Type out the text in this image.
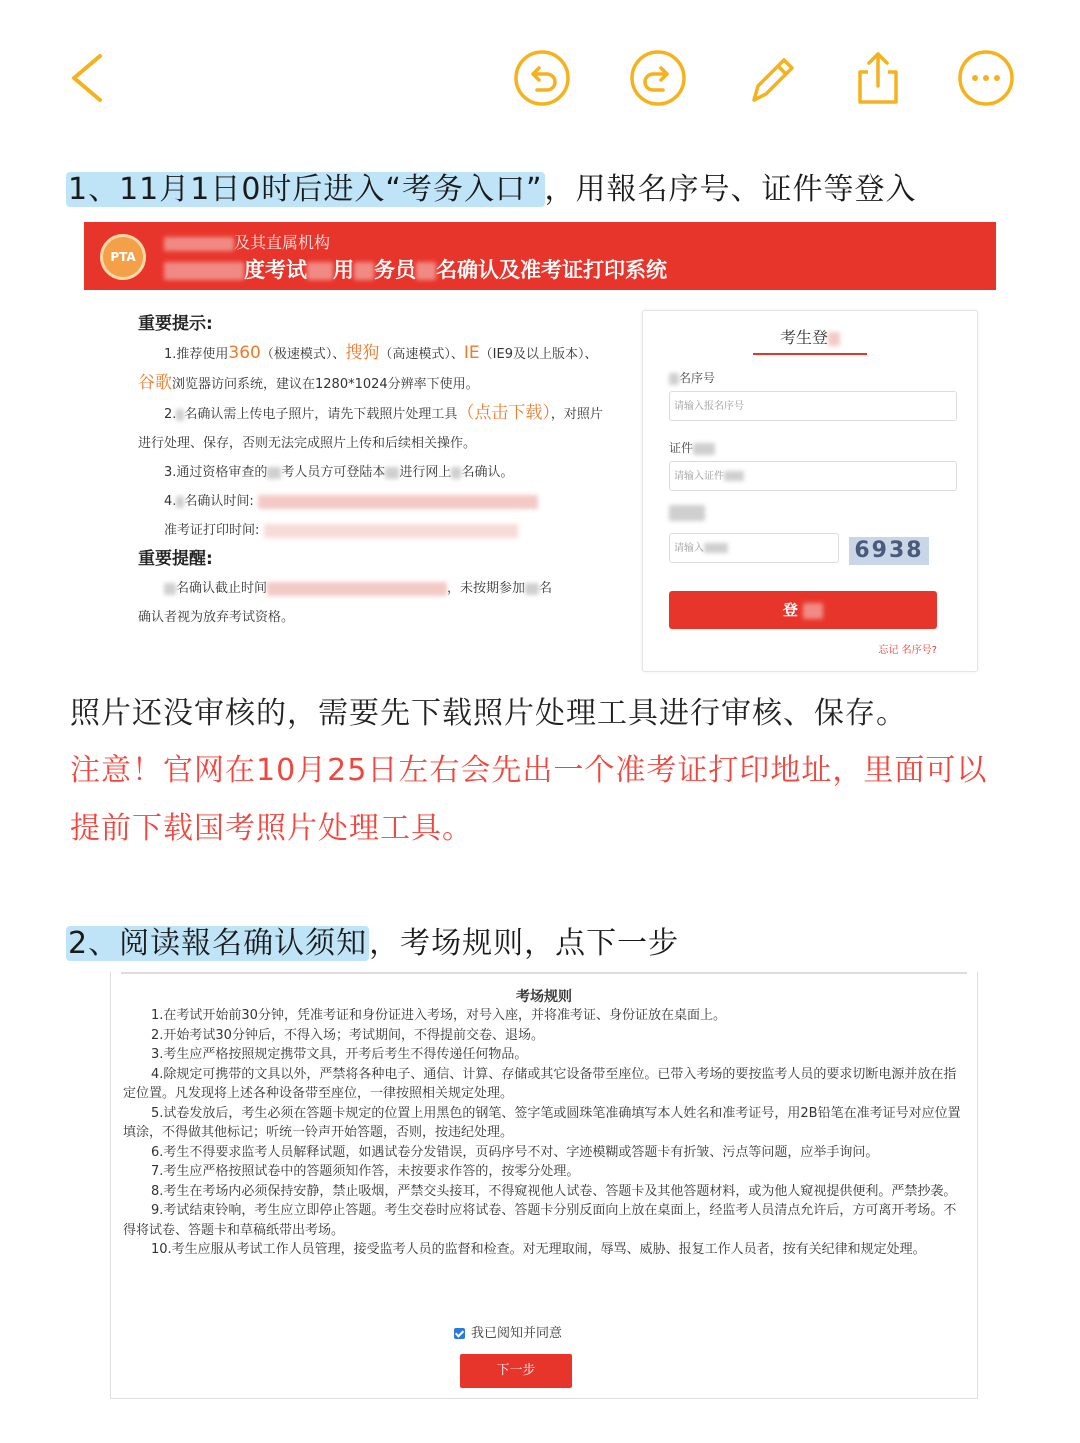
1、11月1日0时后进入“考务入口”，用報名序号、证件等登入
PTA
及其直属机构
度考试 用 务员 名确认及准考证打印系统
重要提示:
1.推荐使用360（极速模式）、搜狗（高速模式）、IE（IE9及以上版本）、谷歌浏览器访问系统，建议在1280*1024分辨率下使用。
2. 名确认需上传电子照片，请先下载照片处理工具（点击下载），对照片进行处理、保存，否则无法完成照片上传和后续相关操作。
3.通过资格审查的 考人员方可登陆本 进行网上 名确认。
4. 名确认时间:
准考证打印时间:
重要提醒:
名确认截止时间	，未按期参加 名
确认者视为放弃考试资格。
考生登
名序号
请输入报名序号
证件
请输入证件
请输入	6938
登
忘记 名序号?
照片还没审核的，需要先下载照片处理工具进行审核、保存。
注意！官网在10月25日左右会先出一个准考证打印地址，里面可以
提前下载国考照片处理工具。
2、阅读報名确认须知，考场规则，点下一步
考场规则

1.在考试开始前30分钟，凭准考证和身份证进入考场，对号入座，并将准考证、身份证放在桌面上。

2.开始考试30分钟后，不得入场；考试期间，不得提前交卷、退场。

3.考生应严格按照规定携带文具，开考后考生不得传递任何物品。

4.除规定可携带的文具以外，严禁将各种电子、通信、计算、存储或其它设备带至座位。已带入考场的要按监考人员的要求切断电源并放在指定位置。凡发现将上述各种设备带至座位，一律按照相关规定处理。

5.试卷发放后，考生必须在答题卡规定的位置上用黑色的钢笔、签字笔或圆珠笔准确填写本人姓名和准考证号，用2B铅笔在准考证号对应位置填涂，不得做其他标记；听统一铃声开始答题，否则，按违纪处理。

6.考生不得要求监考人员解释试题，如遇试卷分发错误，页码序号不对、字迹模糊或答题卡有折皱、污点等问题，应举手询问。

7.考生应严格按照试卷中的答题须知作答，未按要求作答的，按零分处理。

8.考生在考场内必须保持安静，禁止吸烟，严禁交头接耳，不得窥视他人试卷、答题卡及其他答题材料，或为他人窥视提供便利。严禁抄袭。

9.考试结束铃响，考生应立即停止答题。考生交卷时应将试卷、答题卡分别反面向上放在桌面上，经监考人员清点允许后，方可离开考场。不得将试卷、答题卡和草稿纸带出考场。

10.考生应服从考试工作人员管理，接受监考人员的监督和检查。对无理取闹，辱骂、威胁、报复工作人员者，按有关纪律和规定处理。

我已阅知并同意
下一步
